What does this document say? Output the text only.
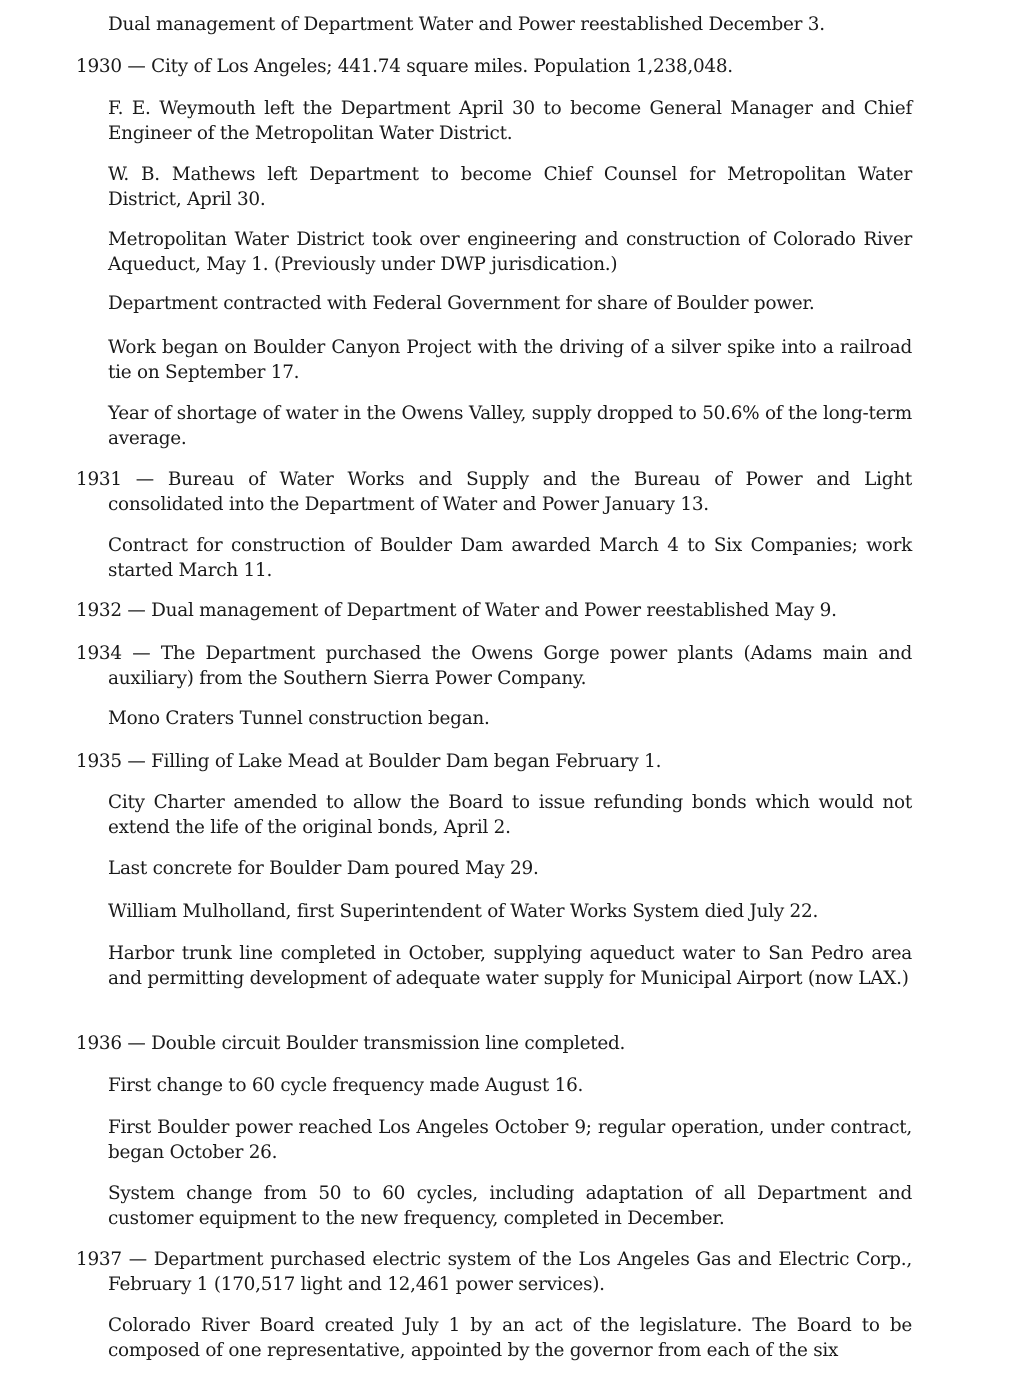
Dual management of Department Water and Power reestablished December 3.

1930 — City of Los Angeles; 441.74 square miles. Population 1,238,048.

F. E. Weymouth left the Department April 30 to become General Manager and Chief Engineer of the Metropolitan Water District.

W. B. Mathews left Department to become Chief Counsel for Metropolitan Water District, April 30.

Metropolitan Water District took over engineering and construction of Colorado River Aqueduct, May 1. (Previously under DWP jurisdication.)

Department contracted with Federal Government for share of Boulder power.

Work began on Boulder Canyon Project with the driving of a silver spike into a railroad tie on September 17.

Year of shortage of water in the Owens Valley, supply dropped to 50.6% of the long-term average.

1931 — Bureau of Water Works and Supply and the Bureau of Power and Light consolidated into the Department of Water and Power January 13.

Contract for construction of Boulder Dam awarded March 4 to Six Companies; work started March 11.

1932 — Dual management of Department of Water and Power reestablished May 9.

1934 — The Department purchased the Owens Gorge power plants (Adams main and auxiliary) from the Southern Sierra Power Company.

Mono Craters Tunnel construction began.

1935 — Filling of Lake Mead at Boulder Dam began February 1.

City Charter amended to allow the Board to issue refunding bonds which would not extend the life of the original bonds, April 2.

Last concrete for Boulder Dam poured May 29.

William Mulholland, first Superintendent of Water Works System died July 22.

Harbor trunk line completed in October, supplying aqueduct water to San Pedro area and permitting development of adequate water supply for Municipal Airport (now LAX.)

1936 — Double circuit Boulder transmission line completed.

First change to 60 cycle frequency made August 16.

First Boulder power reached Los Angeles October 9; regular operation, under contract, began October 26.

System change from 50 to 60 cycles, including adaptation of all Department and customer equipment to the new frequency, completed in December.

1937 — Department purchased electric system of the Los Angeles Gas and Electric Corp., February 1 (170,517 light and 12,461 power services).

Colorado River Board created July 1 by an act of the legislature. The Board to be composed of one representative, appointed by the governor from each of the six
